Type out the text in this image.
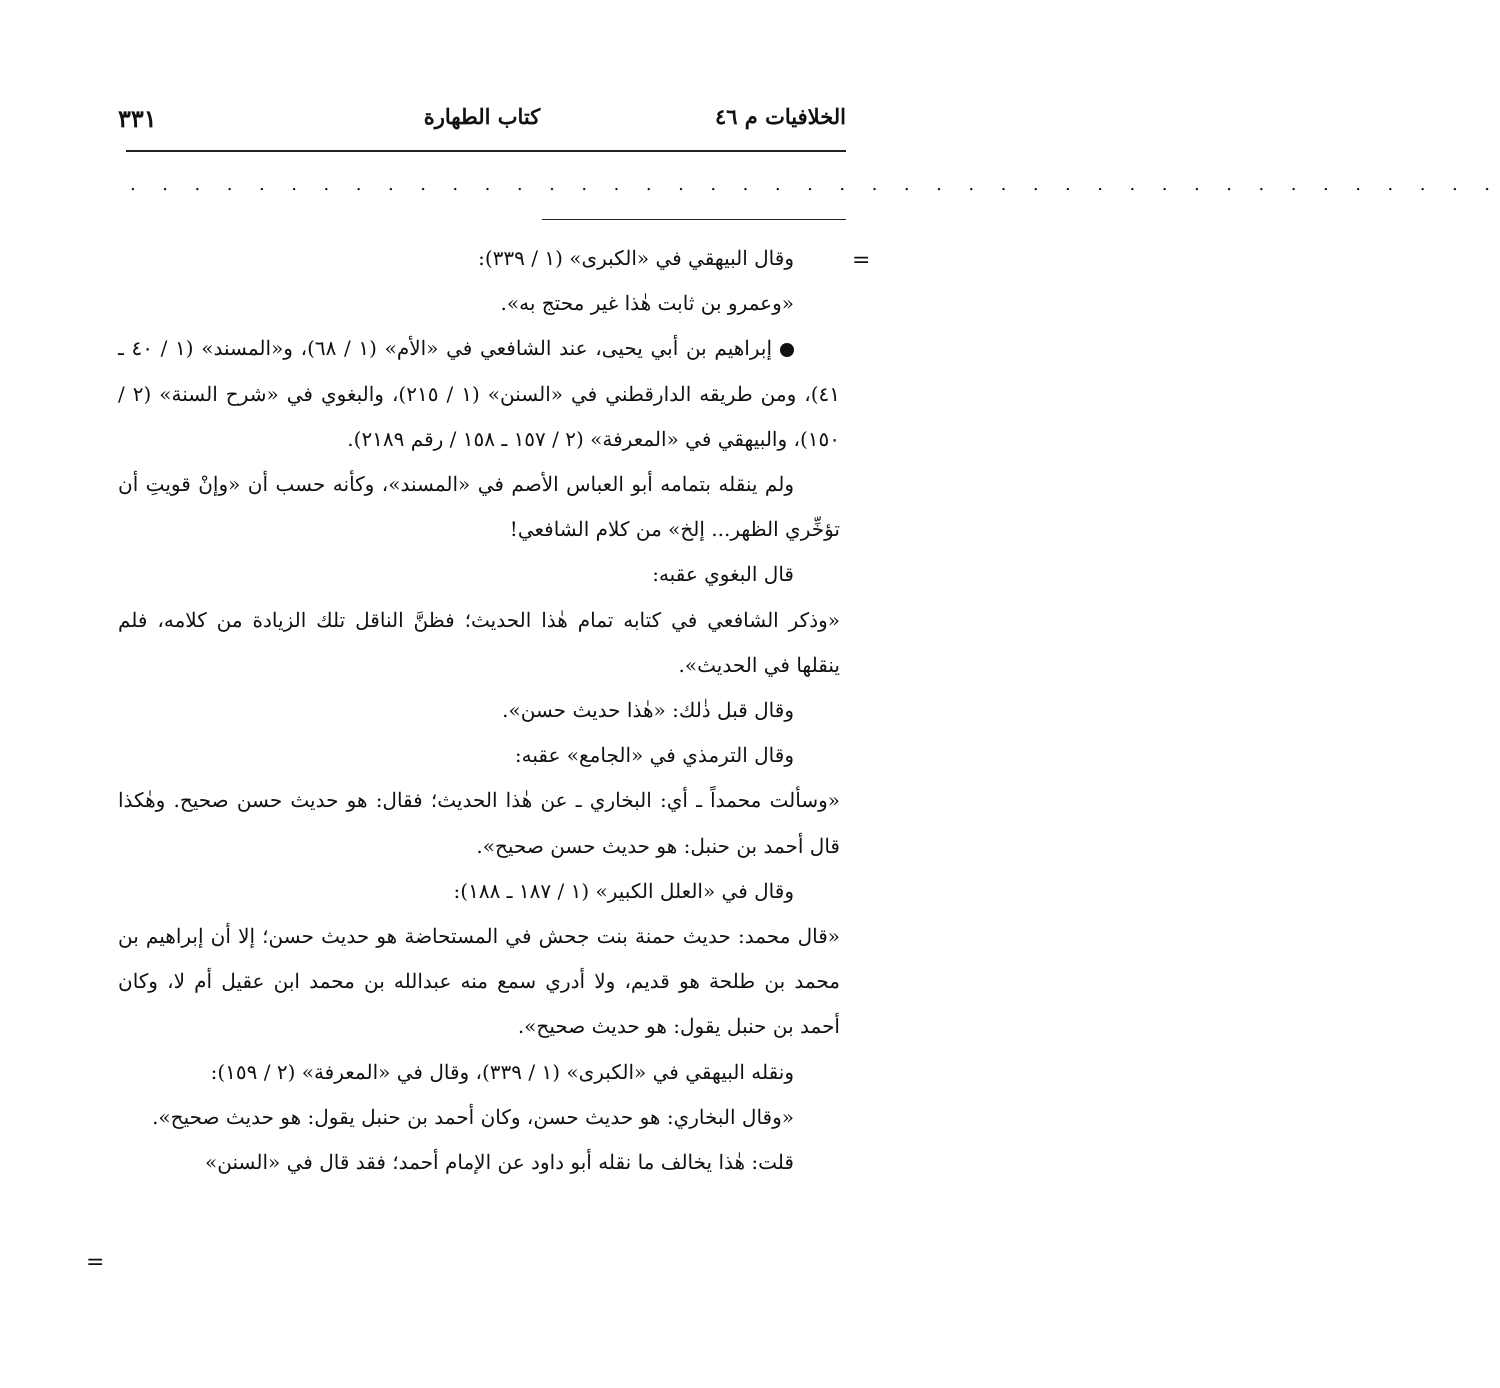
الخلافيات م ٤٦
كتاب الطهارة
٣٣١
. . . . . . . . . . . . . . . . . . . . . . . . . . . . . . . . . . . . . . . . . . .
=
=

وقال البيهقي في «الكبرى» (١ / ٣٣٩):

«وعمرو بن ثابت هٰذا غير محتج به».

إبراهيم بن أبي يحيى، عند الشافعي في «الأم» (١ / ٦٨)، و«المسند» (١ / ٤٠ ـ ٤١)، ومن طريقه الدارقطني في «السنن» (١ / ٢١٥)، والبغوي في «شرح السنة» (٢ / ١٥٠)، والبيهقي في «المعرفة» (٢ / ١٥٧ ـ ١٥٨ / رقم ٢١٨٩).

ولم ينقله بتمامه أبو العباس الأصم في «المسند»، وكأنه حسب أن «وإنْ قويتِ أن تؤخِّري الظهر... إلخ» من كلام الشافعي!

قال البغوي عقبه:

«وذكر الشافعي في كتابه تمام هٰذا الحديث؛ فظنَّ الناقل تلك الزيادة من كلامه، فلم ينقلها في الحديث».

وقال قبل ذٰلك: «هٰذا حديث حسن».

وقال الترمذي في «الجامع» عقبه:

«وسألت محمداً ـ أي: البخاري ـ عن هٰذا الحديث؛ فقال: هو حديث حسن صحيح. وهٰكذا قال أحمد بن حنبل: هو حديث حسن صحيح».

وقال في «العلل الكبير» (١ / ١٨٧ ـ ١٨٨):

«قال محمد: حديث حمنة بنت جحش في المستحاضة هو حديث حسن؛ إلا أن إبراهيم بن محمد بن طلحة هو قديم، ولا أدري سمع منه عبدالله بن محمد ابن عقيل أم لا، وكان أحمد بن حنبل يقول: هو حديث صحيح».

ونقله البيهقي في «الكبرى» (١ / ٣٣٩)، وقال في «المعرفة» (٢ / ١٥٩):

«وقال البخاري: هو حديث حسن، وكان أحمد بن حنبل يقول: هو حديث صحيح».

قلت: هٰذا يخالف ما نقله أبو داود عن الإمام أحمد؛ فقد قال في «السنن»
